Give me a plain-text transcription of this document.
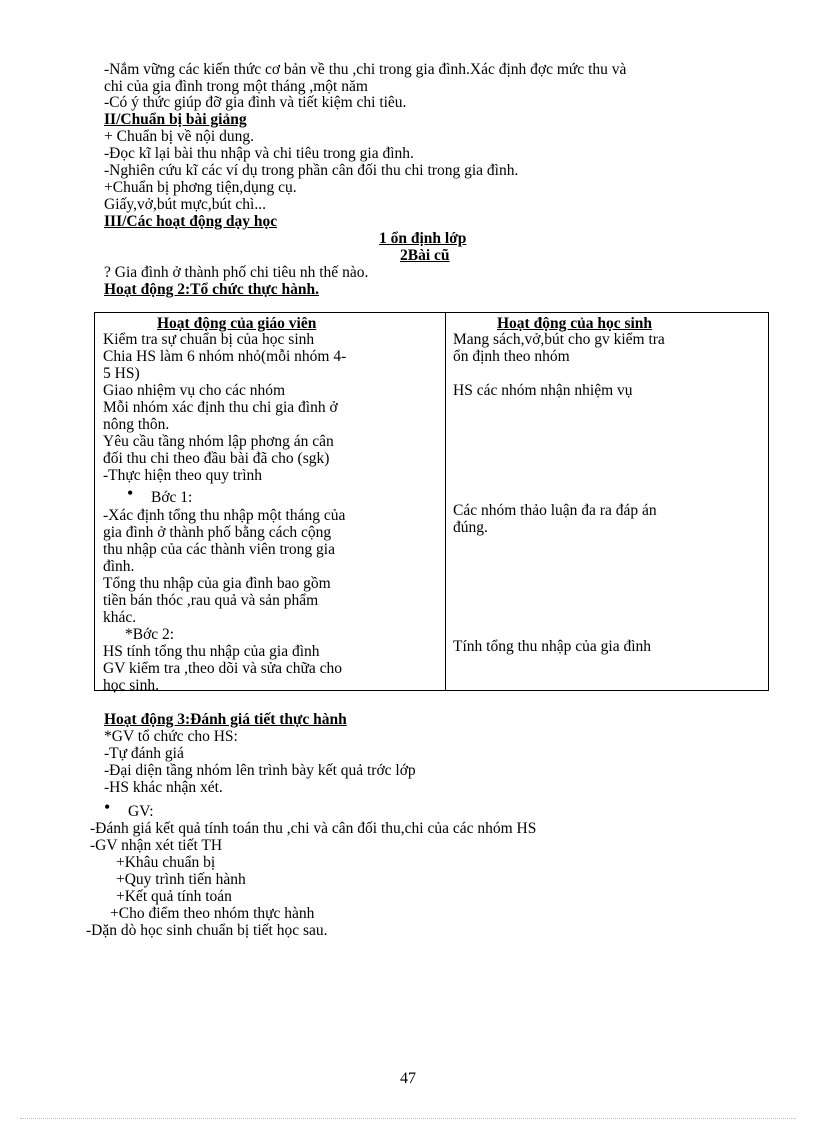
-Nắm vững các kiến thức cơ bản về thu ,chi trong gia đình.Xác định đợc mức thu và
chi của gia đình trong một tháng ,một năm
-Có ý thức giúp đỡ gia đình và tiết kiệm chi tiêu.
II/Chuẩn bị bài giảng
+ Chuẩn bị về nội dung.
-Đọc kĩ lại bài thu nhập và chi tiêu trong gia đình.
-Nghiên cứu kĩ các ví dụ trong phần cân đối thu chi trong gia đình.
+Chuẩn bị phơng tiện,dụng cụ.
Giấy,vở,bút mực,bút chì...
III/Các hoạt động dạy học
1 ổn định lớp
2Bài cũ
? Gia đình ở thành phố chi tiêu nh thế nào.
Hoạt động 2:Tổ chức thực hành.
Hoạt động của giáo viên	Hoạt động của học sinh
Kiểm tra sự chuẩn bị của học sinh
Chia HS làm 6 nhóm nhỏ(mỗi nhóm 4-
5 HS)
Giao nhiệm vụ cho các nhóm
Mỗi nhóm xác định thu chi gia đình ở
nông thôn.
Yêu cầu tầng nhóm lập phơng án cân
đối thu chi theo đầu bài đã cho (sgk)
-Thực hiện theo quy trình
• Bớc 1:
-Xác định tổng thu nhập một tháng của
gia đình ở thành phố bằng cách cộng
thu nhập của các thành viên trong gia
đình.
Tổng thu nhập của gia đình bao gồm
tiền bán thóc ,rau quả và sản phẩm
khác.
*Bớc 2:
HS tính tổng thu nhập của gia đình
GV kiểm tra ,theo dõi và sửa chữa cho
học sinh.
Mang sách,vở,bút cho gv kiểm tra
ổn định theo nhóm
HS các nhóm nhận nhiệm vụ
Các nhóm thảo luận đa ra đáp án
đúng.
Tính tổng thu nhập của gia đình
Hoạt động 3:Đánh giá tiết thực hành
*GV tổ chức cho HS:
-Tự đánh giá
-Đại diện tầng nhóm lên trình bày kết quả trớc lớp
-HS khác nhận xét.
• GV:
-Đánh giá kết quả tính toán thu ,chi và cân đối thu,chi của các nhóm HS
-GV nhận xét tiết TH
+Khâu chuẩn bị
+Quy trình tiến hành
+Kết quả tính toán
+Cho điểm theo nhóm thực hành
-Dặn dò học sinh chuẩn bị tiết học sau.
47
